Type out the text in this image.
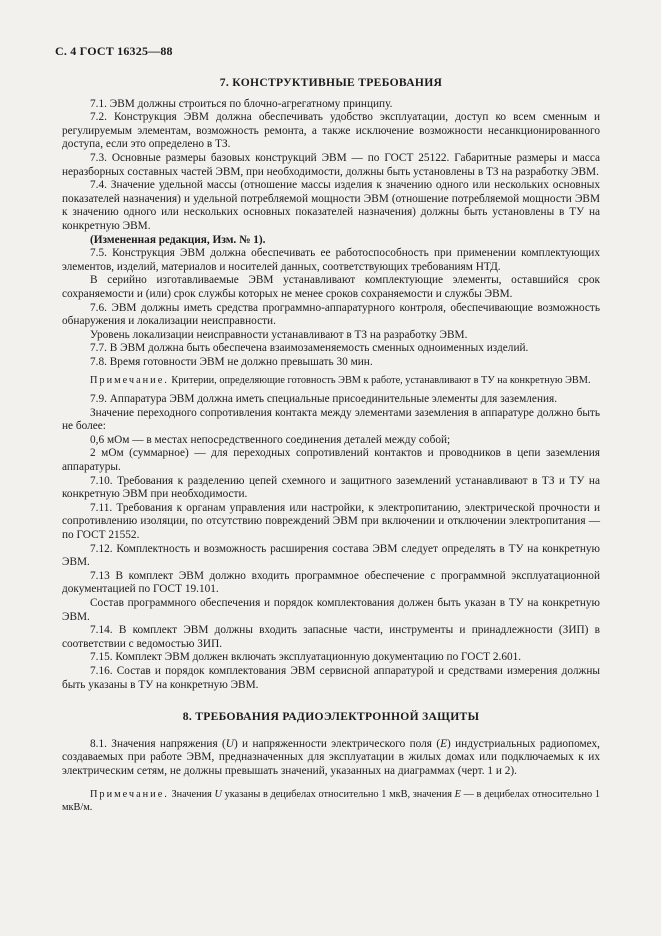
С. 4 ГОСТ 16325—88
7. КОНСТРУКТИВНЫЕ ТРЕБОВАНИЯ

7.1. ЭВМ должны строиться по блочно-агрегатному принципу.

7.2. Конструкция ЭВМ должна обеспечивать удобство эксплуатации, доступ ко всем сменным и регулируемым элементам, возможность ремонта, а также исключение возможности несанкционированного доступа, если это определено в ТЗ.

7.3. Основные размеры базовых конструкций ЭВМ — по ГОСТ 25122. Габаритные размеры и масса неразборных составных частей ЭВМ, при необходимости, должны быть установлены в ТЗ на разработку ЭВМ.

7.4. Значение удельной массы (отношение массы изделия к значению одного или нескольких основных показателей назначения) и удельной потребляемой мощности ЭВМ (отношение потребляемой мощности ЭВМ к значению одного или нескольких основных показателей назначения) должны быть установлены в ТУ на конкретную ЭВМ.

(Измененная редакция, Изм. № 1).

7.5. Конструкция ЭВМ должна обеспечивать ее работоспособность при применении комплектующих элементов, изделий, материалов и носителей данных, соответствующих требованиям НТД.

В серийно изготавливаемые ЭВМ устанавливают комплектующие элементы, оставшийся срок сохраняемости и (или) срок службы которых не менее сроков сохраняемости и службы ЭВМ.

7.6. ЭВМ должны иметь средства программно-аппаратурного контроля, обеспечивающие возможность обнаружения и локализации неисправности.

Уровень локализации неисправности устанавливают в ТЗ на разработку ЭВМ.

7.7. В ЭВМ должна быть обеспечена взаимозаменяемость сменных одноименных изделий.

7.8. Время готовности ЭВМ не должно превышать 30 мин.

Примечание. Критерии, определяющие готовность ЭВМ к работе, устанавливают в ТУ на конкретную ЭВМ.

7.9. Аппаратура ЭВМ должна иметь специальные присоединительные элементы для заземления.

Значение переходного сопротивления контакта между элементами заземления в аппаратуре должно быть не более:

0,6 мОм — в местах непосредственного соединения деталей между собой;

2 мОм (суммарное) — для переходных сопротивлений контактов и проводников в цепи заземления аппаратуры.

7.10. Требования к разделению цепей схемного и защитного заземлений устанавливают в ТЗ и ТУ на конкретную ЭВМ при необходимости.

7.11. Требования к органам управления или настройки, к электропитанию, электрической прочности и сопротивлению изоляции, по отсутствию повреждений ЭВМ при включении и отключении электропитания — по ГОСТ 21552.

7.12. Комплектность и возможность расширения состава ЭВМ следует определять в ТУ на конкретную ЭВМ.

7.13 В комплект ЭВМ должно входить программное обеспечение с программной эксплуатационной документацией по ГОСТ 19.101.

Состав программного обеспечения и порядок комплектования должен быть указан в ТУ на конкретную ЭВМ.

7.14. В комплект ЭВМ должны входить запасные части, инструменты и принадлежности (ЗИП) в соответствии с ведомостью ЗИП.

7.15. Комплект ЭВМ должен включать эксплуатационную документацию по ГОСТ 2.601.

7.16. Состав и порядок комплектования ЭВМ сервисной аппаратурой и средствами измерения должны быть указаны в ТУ на конкретную ЭВМ.

8. ТРЕБОВАНИЯ РАДИОЭЛЕКТРОННОЙ ЗАЩИТЫ

8.1. Значения напряжения (U) и напряженности электрического поля (E) индустриальных радиопомех, создаваемых при работе ЭВМ, предназначенных для эксплуатации в жилых домах или подключаемых к их электрическим сетям, не должны превышать значений, указанных на диаграммах (черт. 1 и 2).

Примечание. Значения U указаны в децибелах относительно 1 мкВ, значения E — в децибелах относительно 1 мкВ/м.
